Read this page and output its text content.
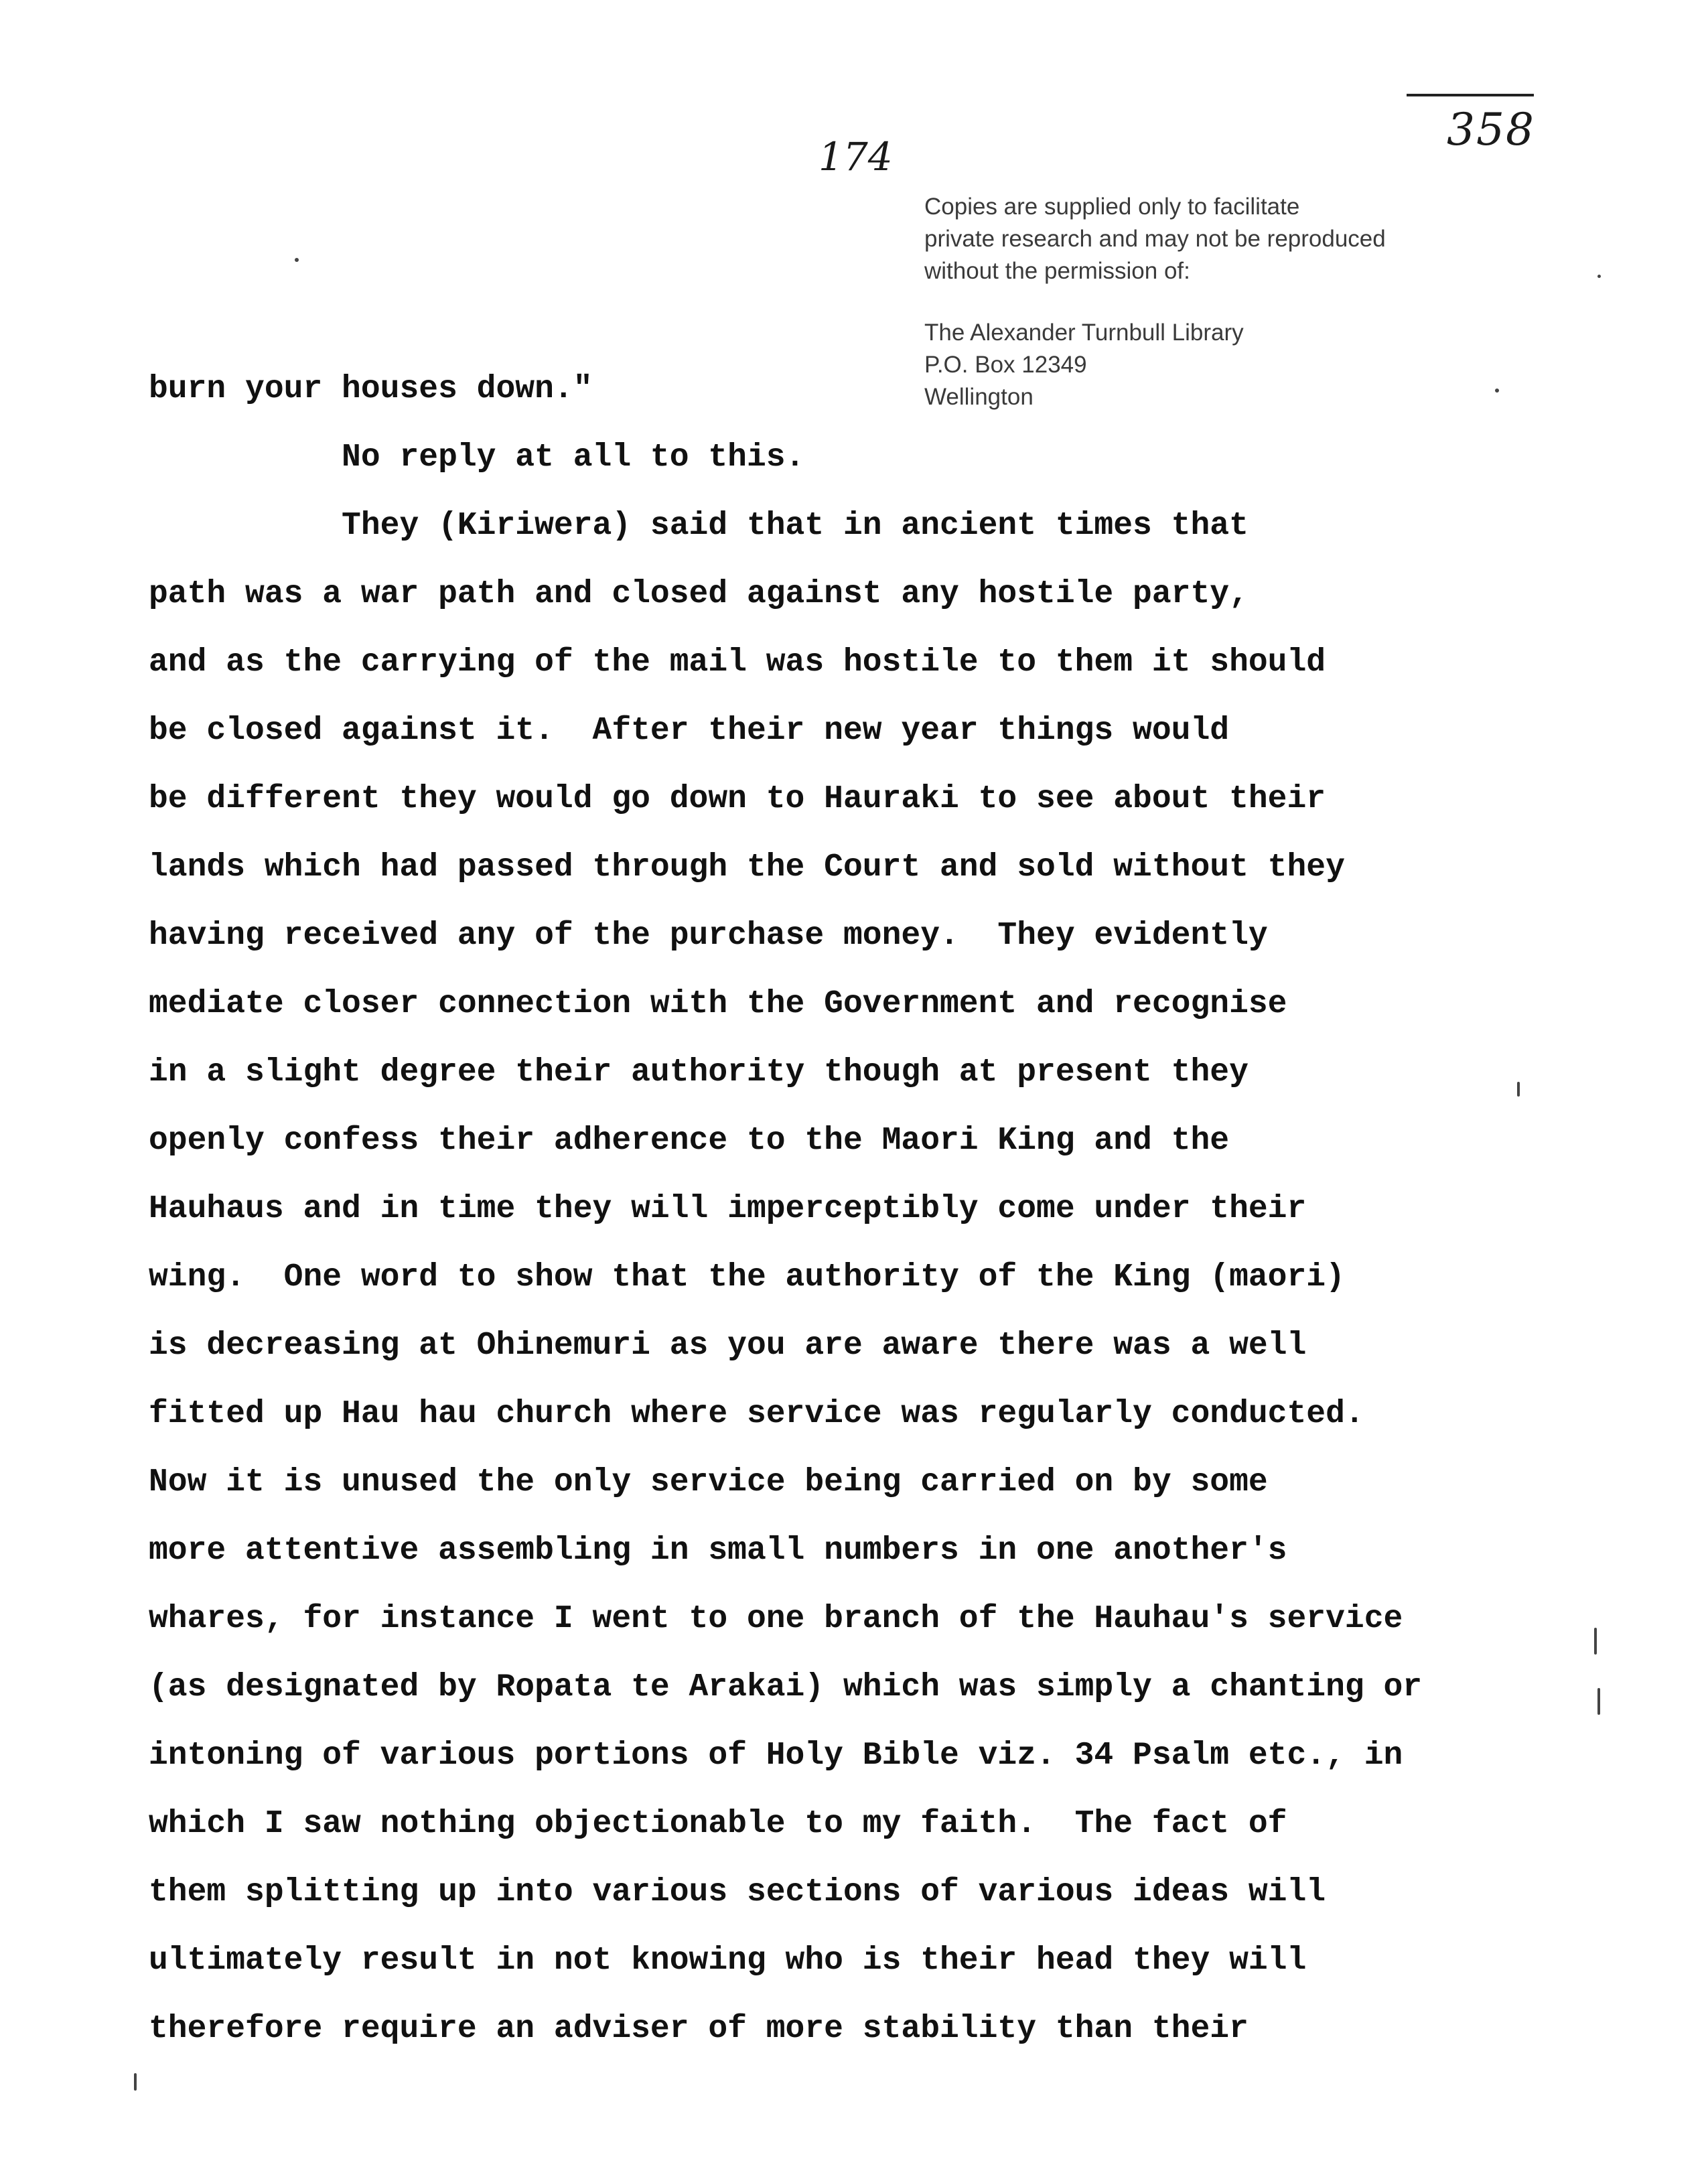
174
358
Copies are supplied only to facilitate
private research and may not be reproduced
without the permission of:
The Alexander Turnbull Library
P.O. Box 12349
Wellington
burn your houses down."
No reply at all to this.
They (Kiriwera) said that in ancient times that
path was a war path and closed against any hostile party,
and as the carrying of the mail was hostile to them it should
be closed against it.  After their new year things would
be different they would go down to Hauraki to see about their
lands which had passed through the Court and sold without they
having received any of the purchase money.  They evidently
mediate closer connection with the Government and recognise
in a slight degree their authority though at present they
openly confess their adherence to the Maori King and the
Hauhaus and in time they will imperceptibly come under their
wing.  One word to show that the authority of the King (maori)
is decreasing at Ohinemuri as you are aware there was a well
fitted up Hau hau church where service was regularly conducted.
Now it is unused the only service being carried on by some
more attentive assembling in small numbers in one another's
whares, for instance I went to one branch of the Hauhau's service
(as designated by Ropata te Arakai) which was simply a chanting or
intoning of various portions of Holy Bible viz. 34 Psalm etc., in
which I saw nothing objectionable to my faith.  The fact of
them splitting up into various sections of various ideas will
ultimately result in not knowing who is their head they will
therefore require an adviser of more stability than their
